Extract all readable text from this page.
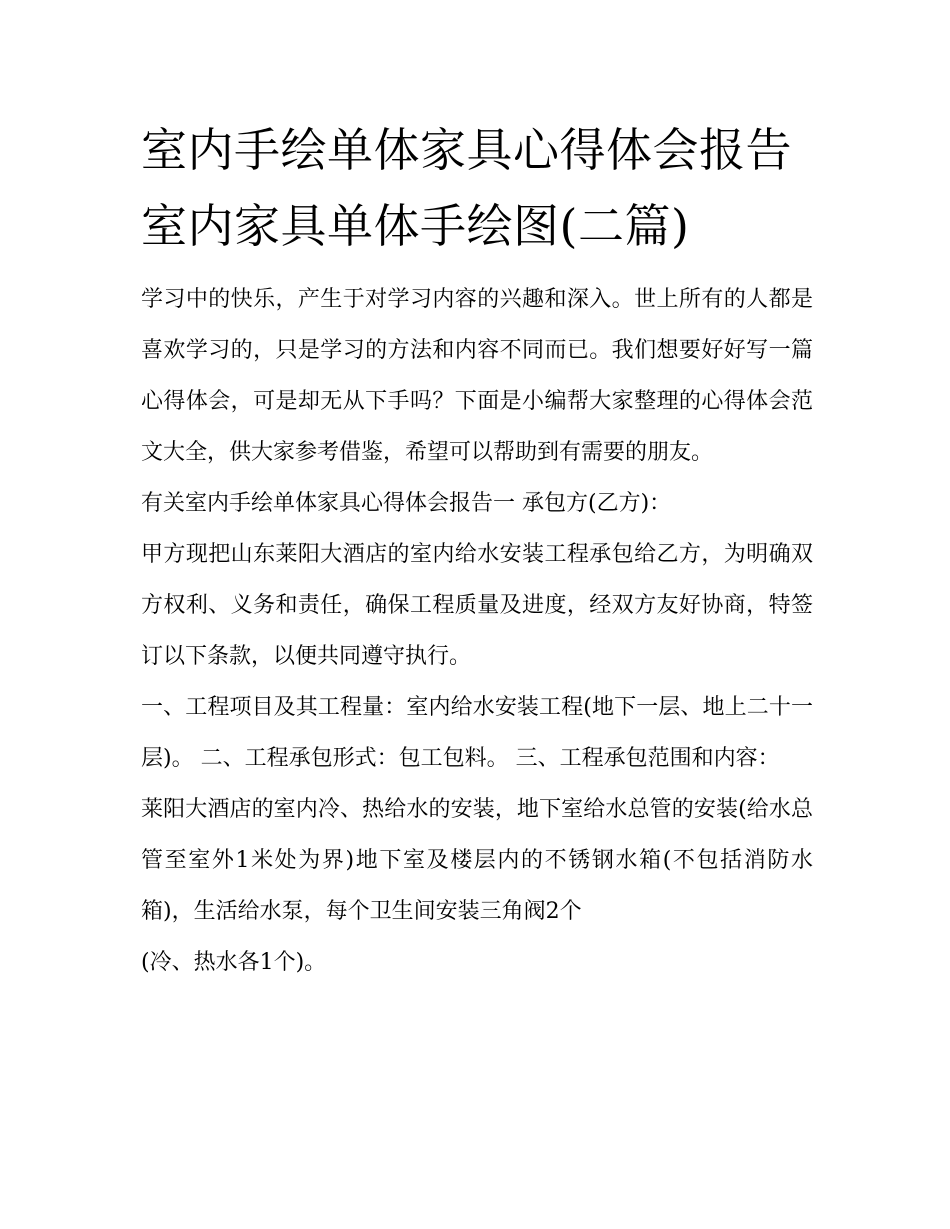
室内手绘单体家具心得体会报告 室内家具单体手绘图(二篇)

学习中的快乐，产生于对学习内容的兴趣和深入。世上所有的人都是喜欢学习的，只是学习的方法和内容不同而已。我们想要好好写一篇心得体会，可是却无从下手吗？下面是小编帮大家整理的心得体会范文大全，供大家参考借鉴，希望可以帮助到有需要的朋友。

有关室内手绘单体家具心得体会报告一 承包方(乙方)：

甲方现把山东莱阳大酒店的室内给水安装工程承包给乙方，为明确双方权利、义务和责任，确保工程质量及进度，经双方友好协商，特签订以下条款，以便共同遵守执行。

一、工程项目及其工程量：室内给水安装工程(地下一层、地上二十一层)。 二、工程承包形式：包工包料。 三、工程承包范围和内容：

莱阳大酒店的室内冷、热给水的安装，地下室给水总管的安装(给水总管至室外1米处为界)地下室及楼层内的不锈钢水箱(不包括消防水箱)，生活给水泵，每个卫生间安装三角阀2个

(冷、热水各1个)。
